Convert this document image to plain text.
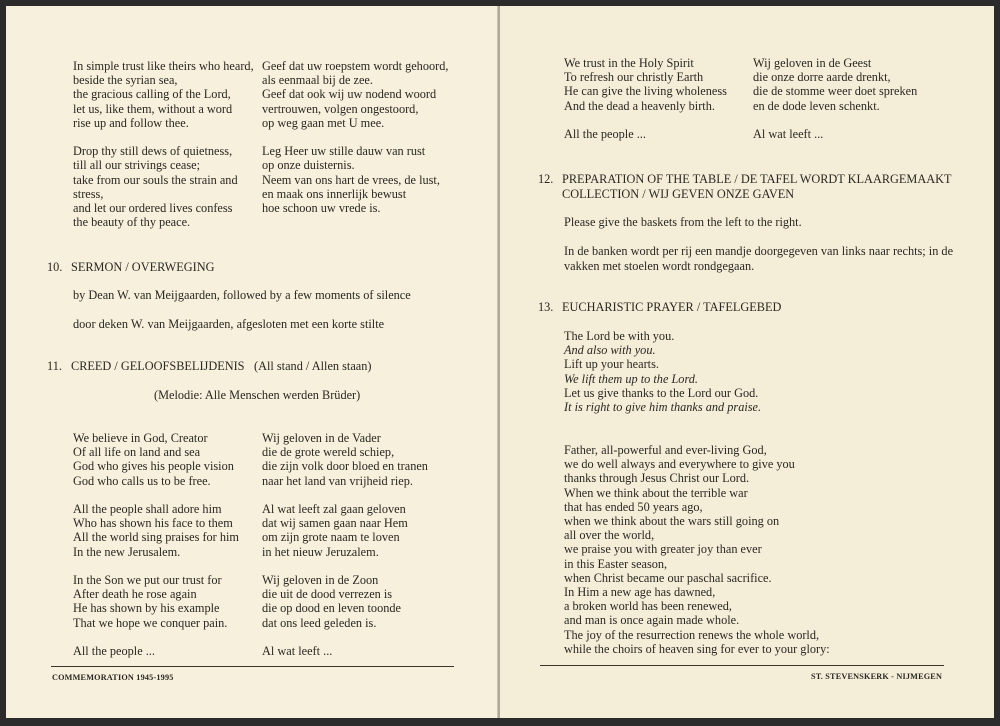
In simple trust like theirs who heard,
beside the syrian sea,
the gracious calling of the Lord,
let us, like them, without a word
rise up and follow thee.
Drop thy still dews of quietness,
till all our strivings cease;
take from our souls the strain and
stress,
and let our ordered lives confess
the beauty of thy peace.
Geef dat uw roepstem wordt gehoord,
als eenmaal bij de zee.
Geef dat ook wij uw nodend woord
vertrouwen, volgen ongestoord,
op weg gaan met U mee.
Leg Heer uw stille dauw van rust
op onze duisternis.
Neem van ons hart de vrees, de lust,
en maak ons innerlijk bewust
hoe schoon uw vrede is.
10. SERMON / OVERWEGING
by Dean W. van Meijgaarden, followed by a few moments of silence
door deken W. van Meijgaarden, afgesloten met een korte stilte
11. CREED / GELOOFSBELIJDENIS (All stand / Allen staan)
(Melodie: Alle Menschen werden Brüder)
We believe in God, Creator
Of all life on land and sea
God who gives his people vision
God who calls us to be free.
All the people shall adore him
Who has shown his face to them
All the world sing praises for him
In the new Jerusalem.
In the Son we put our trust for
After death he rose again
He has shown by his example
That we hope we conquer pain.
All the people ...
Wij geloven in de Vader
die de grote wereld schiep,
die zijn volk door bloed en tranen
naar het land van vrijheid riep.
Al wat leeft zal gaan geloven
dat wij samen gaan naar Hem
om zijn grote naam te loven
in het nieuw Jeruzalem.
Wij geloven in de Zoon
die uit de dood verrezen is
die op dood en leven toonde
dat ons leed geleden is.
Al wat leeft ...
COMMEMORATION 1945-1995
We trust in the Holy Spirit
To refresh our christly Earth
He can give the living wholeness
And the dead a heavenly birth.
All the people ...
Wij geloven in de Geest
die onze dorre aarde drenkt,
die de stomme weer doet spreken
en de dode leven schenkt.
Al wat leeft ...
12. PREPARATION OF THE TABLE / DE TAFEL WORDT KLAARGEMAAKT
COLLECTION / WIJ GEVEN ONZE GAVEN
Please give the baskets from the left to the right.
In de banken wordt per rij een mandje doorgegeven van links naar rechts; in de
vakken met stoelen wordt rondgegaan.
13. EUCHARISTIC PRAYER / TAFELGEBED
The Lord be with you.
And also with you.
Lift up your hearts.
We lift them up to the Lord.
Let us give thanks to the Lord our God.
It is right to give him thanks and praise.
Father, all-powerful and ever-living God,
we do well always and everywhere to give you
thanks through Jesus Christ our Lord.
When we think about the terrible war
that has ended 50 years ago,
when we think about the wars still going on
all over the world,
we praise you with greater joy than ever
in this Easter season,
when Christ became our paschal sacrifice.
In Him a new age has dawned,
a broken world has been renewed,
and man is once again made whole.
The joy of the resurrection renews the whole world,
while the choirs of heaven sing for ever to your glory:
ST. STEVENSKERK - NIJMEGEN
